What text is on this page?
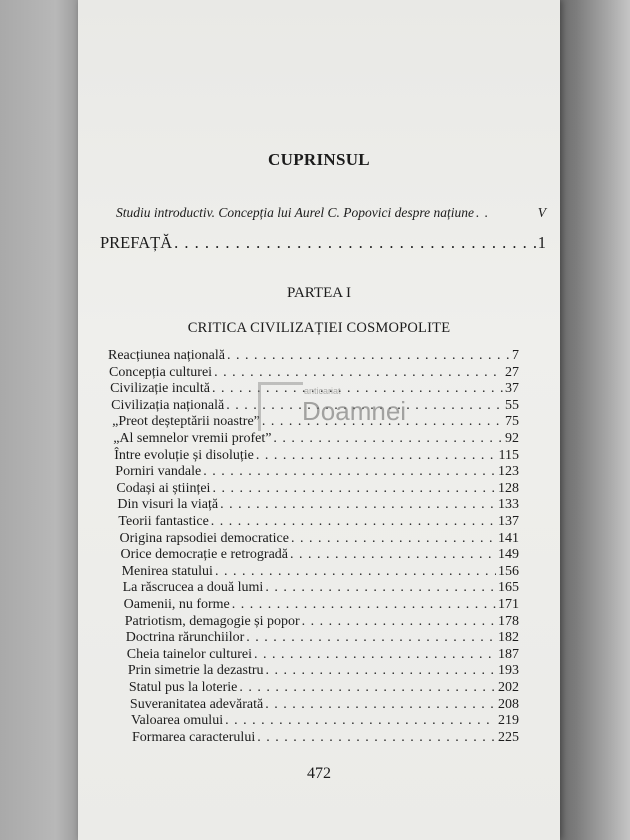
CUPRINSUL
Studiu introductiv. Concepția lui Aurel C. Popovici despre națiune . .	V
PREFAȚĂ . . .	1
PARTEA I
CRITICA CIVILIZAȚIEI COSMOPOLITE
Reacțiunea națională . . .	7
Concepția culturei . . .	27
Civilizație incultă . . .	37
Civilizația națională . . .	55
„Preot deșteptării noastre” . . .	75
„Al semnelor vremii profet” . . .	92
Între evoluție și disoluție . . .	115
Porniri vandale . . .	123
Codași ai științei . . .	128
Din visuri la viață . . .	133
Teorii fantastice . . .	137
Origina rapsodiei democratice . . .	141
Orice democrație e retrogradă . . .	149
Menirea statului . . .	156
La răscrucea a două lumi . . .	165
Oamenii, nu forme . . .	171
Patriotism, demagogie și popor . . .	178
Doctrina rărunchiilor . . .	182
Cheia tainelor culturei . . .	187
Prin simetrie la dezastru . . .	193
Statul pus la loterie . . .	202
Suveranitatea adevărată . . .	208
Valoarea omului . . .	219
Formarea caracterului . . .	225
anticariat
Doamnei
472
